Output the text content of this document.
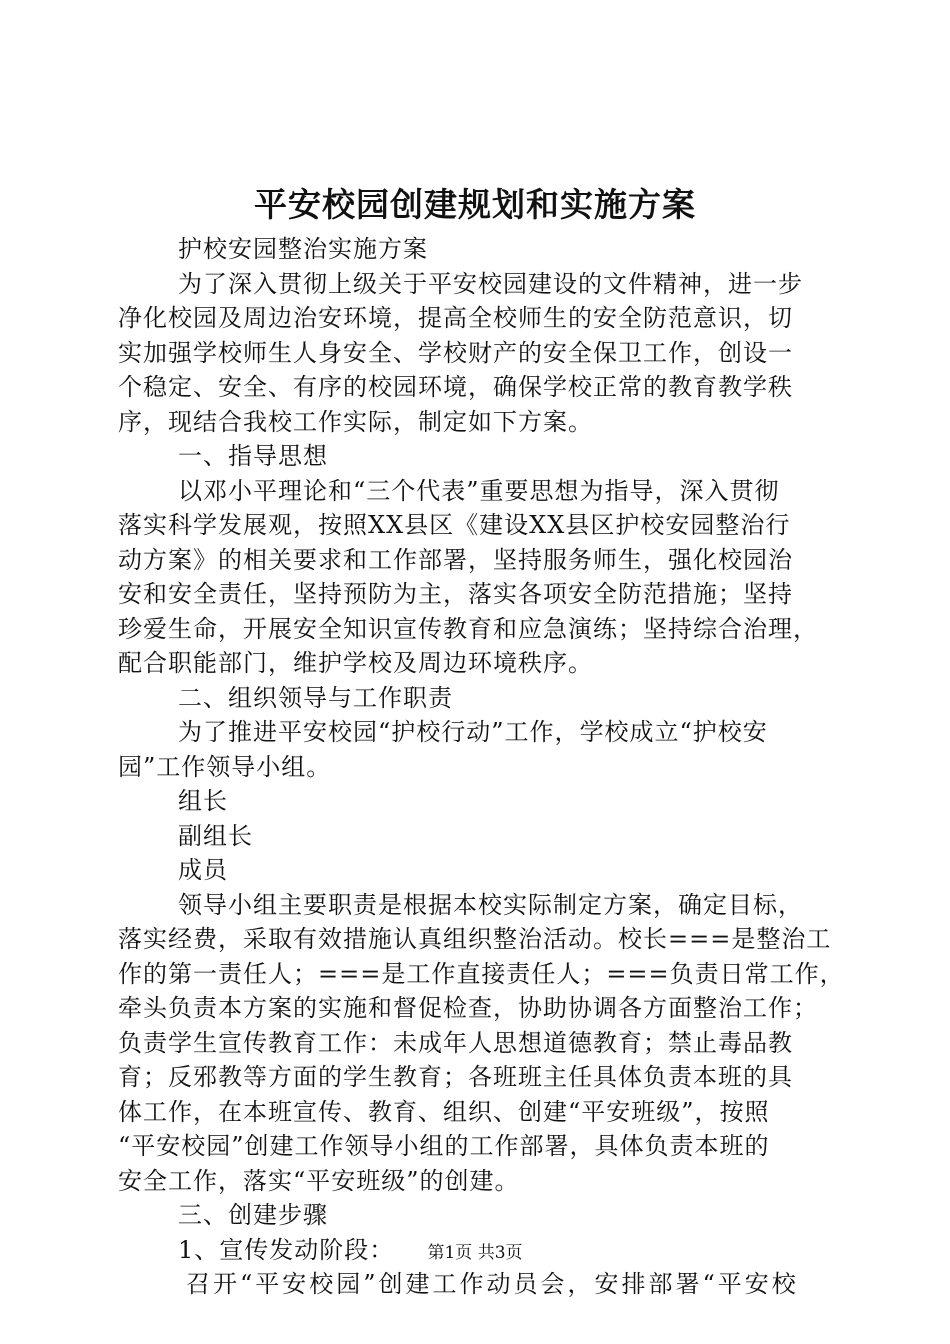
平安校园创建规划和实施方案
护校安园整治实施方案
为了深入贯彻上级关于平安校园建设的文件精神，进一步
净化校园及周边治安环境，提高全校师生的安全防范意识，切
实加强学校师生人身安全、学校财产的安全保卫工作，创设一
个稳定、安全、有序的校园环境，确保学校正常的教育教学秩
序，现结合我校工作实际，制定如下方案。
一、指导思想
以邓小平理论和“三个代表”重要思想为指导，深入贯彻
落实科学发展观，按照XX县区《建设XX县区护校安园整治行
动方案》的相关要求和工作部署，坚持服务师生，强化校园治
安和安全责任，坚持预防为主，落实各项安全防范措施；坚持
珍爱生命，开展安全知识宣传教育和应急演练；坚持综合治理，
配合职能部门，维护学校及周边环境秩序。
二、组织领导与工作职责
为了推进平安校园“护校行动”工作，学校成立“护校安
园”工作领导小组。
组长
副组长
成员
领导小组主要职责是根据本校实际制定方案，确定目标，
落实经费，采取有效措施认真组织整治活动。校长===是整治工
作的第一责任人；===是工作直接责任人；===负责日常工作，
牵头负责本方案的实施和督促检查，协助协调各方面整治工作；
负责学生宣传教育工作：未成年人思想道德教育；禁止毒品教
育；反邪教等方面的学生教育；各班班主任具体负责本班的具
体工作，在本班宣传、教育、组织、创建“平安班级”，按照
“平安校园”创建工作领导小组的工作部署，具体负责本班的
安全工作，落实“平安班级”的创建。
三、创建步骤
1、宣传发动阶段：
召开“平安校园”创建工作动员会，安排部署“平安校
第1页 共3页
